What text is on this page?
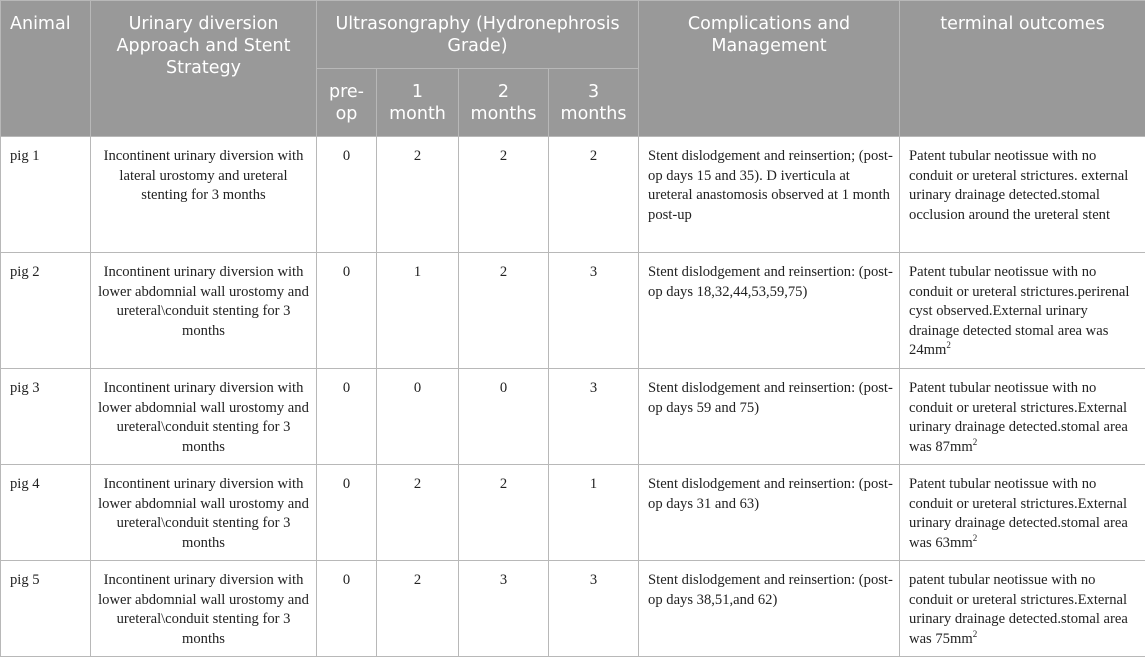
Animal	Urinary diversion Approach and Stent Strategy	Ultrasongraphy (Hydronephrosis Grade)				Complications and Management	terminal outcomes
		pre-op	1 month	2 months	3 months		
pig 1	Incontinent urinary diversion with lateral urostomy and ureteral stenting for 3 months	0	2	2	2	Stent dislodgement and reinsertion; (post-op days 15 and 35). D iverticula at ureteral anastomosis observed at 1 month post-up	Patent tubular neotissue with no conduit or ureteral strictures. external urinary drainage detected.stomal occlusion around the ureteral stent
pig 2	Incontinent urinary diversion with lower abdomnial wall urostomy and ureteral\conduit stenting for 3 months	0	1	2	3	Stent dislodgement and reinsertion: (post-op days 18,32,44,53,59,75)	Patent tubular neotissue with no conduit or ureteral strictures.perirenal cyst observed.External urinary drainage detected stomal area was $24mm^2$
pig 3	Incontinent urinary diversion with lower abdomnial wall urostomy and ureteral\conduit stenting for 3 months	0	0	0	3	Stent dislodgement and reinsertion: (post-op days 59 and 75)	Patent tubular neotissue with no conduit or ureteral strictures.External urinary drainage detected.stomal area was $87mm^2$
pig 4	Incontinent urinary diversion with lower abdomnial wall urostomy and ureteral\conduit stenting for 3 months	0	2	2	1	Stent dislodgement and reinsertion: (post-op days 31 and 63)	Patent tubular neotissue with no conduit or ureteral strictures.External urinary drainage detected.stomal area was $63mm^2$
pig 5	Incontinent urinary diversion with lower abdomnial wall urostomy and ureteral\conduit stenting for 3 months	0	2	3	3	Stent dislodgement and reinsertion: (post-op days 38,51,and 62)	patent tubular neotissue with no conduit or ureteral strictures.External urinary drainage detected.stomal area was $75mm^2$
